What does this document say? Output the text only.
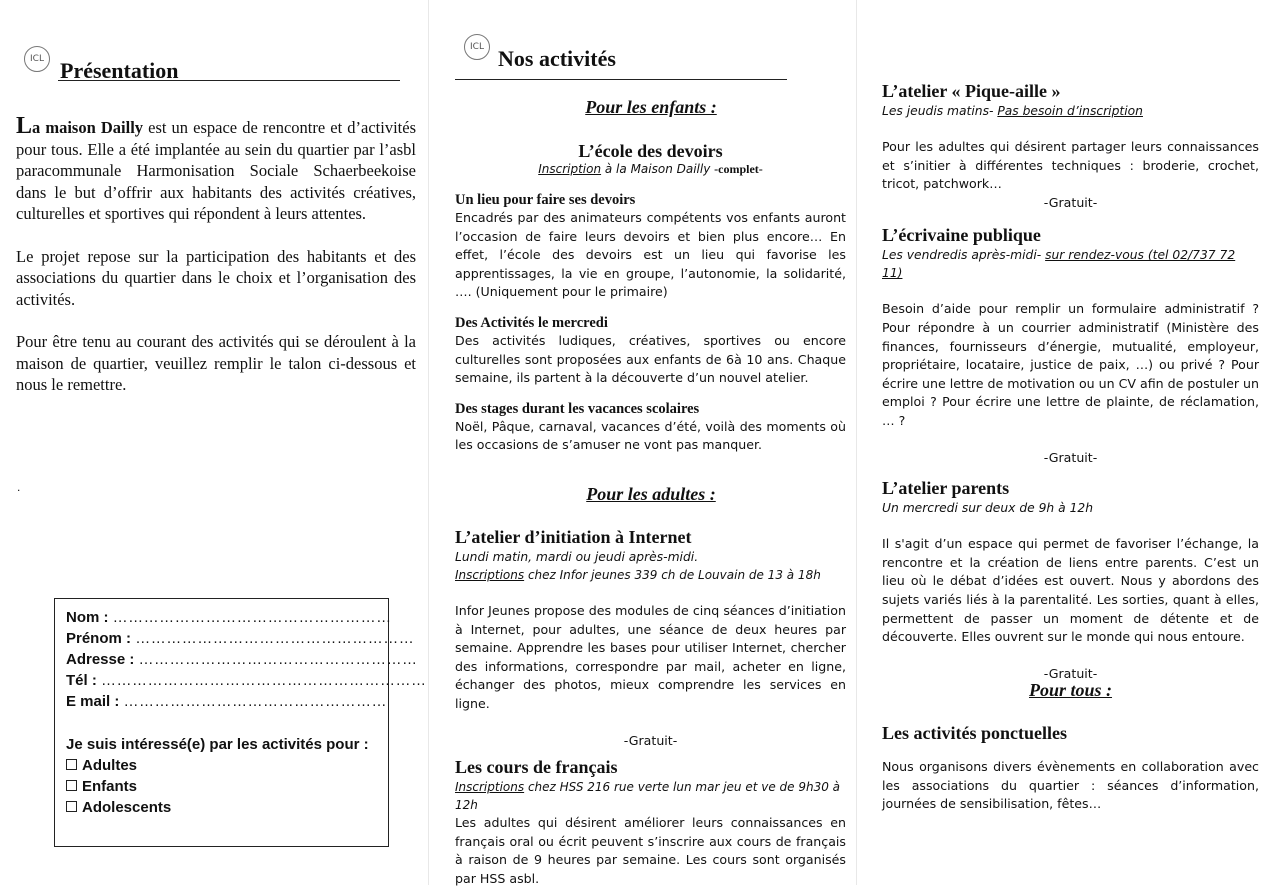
ICL Présentation

La maison Dailly est un espace de rencontre et d’activités pour tous. Elle a été implantée au sein du quartier par l’asbl paracommunale Harmonisation Sociale Schaerbeekoise dans le but d’offrir aux habitants des activités créatives, culturelles et sportives qui répondent à leurs attentes.

Le projet repose sur la participation des habitants et des associations du quartier dans le choix et l’organisation des activités.

Pour être tenu au courant des activités qui se déroulent à la maison de quartier, veuillez remplir le talon ci-dessous et nous le remettre.

.
Nom : ………………………………………………
Prénom : ………………………………………………
Adresse : ………………………………………………
Tél : ………………………………………………………
E mail : ……………………………………………
Je suis intéressé(e) par les activités pour :
Adultes
Enfants
Adolescents
ICL Nos activités
Pour les enfants :
L’école des devoirs
Inscription à la Maison Dailly -complet-
Un lieu pour faire ses devoirs

Encadrés par des animateurs compétents vos enfants auront l’occasion de faire leurs devoirs et bien plus encore… En effet, l’école des devoirs est un lieu qui favorise les apprentissages, la vie en groupe, l’autonomie, la solidarité, …. (Uniquement pour le primaire)

Des Activités le mercredi

Des activités ludiques, créatives, sportives ou encore culturelles sont proposées aux enfants de 6à 10 ans. Chaque semaine, ils partent à la découverte d’un nouvel atelier.

Des stages durant les vacances scolaires

Noël, Pâque, carnaval, vacances d’été, voilà des moments où les occasions de s’amuser ne vont pas manquer.

Pour les adultes :
L’atelier d’initiation à Internet
Lundi matin, mardi ou jeudi après-midi.
Inscriptions chez Infor jeunes 339 ch de Louvain de 13 à 18h

Infor Jeunes propose des modules de cinq séances d’initiation à Internet, pour adultes, une séance de deux heures par semaine. Apprendre les bases pour utiliser Internet, chercher des informations, correspondre par mail, acheter en ligne, échanger des photos, mieux comprendre les services en ligne.

-Gratuit-

Les cours de français
Inscriptions chez HSS 216 rue verte lun mar jeu et ve de 9h30 à 12h

Les adultes qui désirent améliorer leurs connaissances en français oral ou écrit peuvent s’inscrire aux cours de français à raison de 9 heures par semaine. Les cours sont organisés par HSS asbl.

L’atelier « Pique-aille »
Les jeudis matins- Pas besoin d’inscription

Pour les adultes qui désirent partager leurs connaissances et s’initier à différentes techniques : broderie, crochet, tricot, patchwork…

-Gratuit-

L’écrivaine publique
Les vendredis après-midi- sur rendez-vous (tel 02/737 72 11)

Besoin d’aide pour remplir un formulaire administratif ? Pour répondre à un courrier administratif (Ministère des finances, fournisseurs d’énergie, mutualité, employeur, propriétaire, locataire, justice de paix, …) ou privé ? Pour écrire une lettre de motivation ou un CV afin de postuler un emploi ? Pour écrire une lettre de plainte, de réclamation, … ?

-Gratuit-

L’atelier parents
Un mercredi sur deux de 9h à 12h

Il s'agit d’un espace qui permet de favoriser l’échange, la rencontre et la création de liens entre parents. C’est un lieu où le débat d’idées est ouvert. Nous y abordons des sujets variés liés à la parentalité. Les sorties, quant à elles, permettent de passer un moment de détente et de découverte. Elles ouvrent sur le monde qui nous entoure.

-Gratuit-

Pour tous :
Les activités ponctuelles

Nous organisons divers évènements en collaboration avec les associations du quartier : séances d’information, journées de sensibilisation, fêtes…
